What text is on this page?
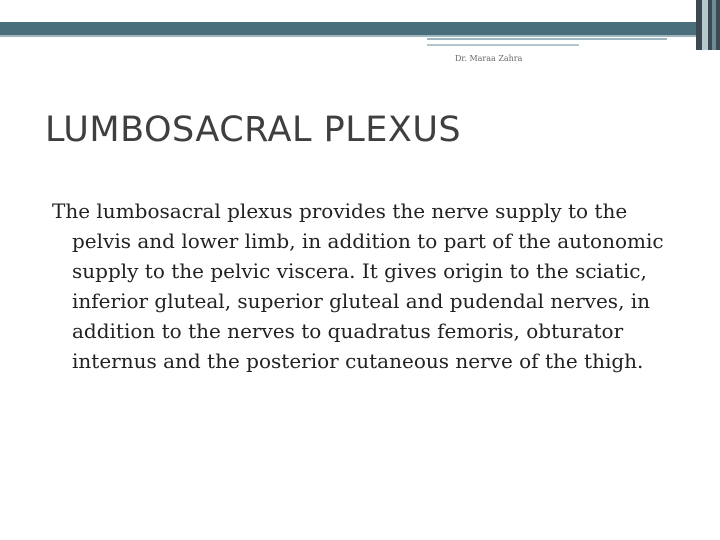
Dr. Maraa Zahra
LUMBOSACRAL PLEXUS

The lumbosacral plexus provides the nerve supply to the pelvis and lower limb, in addition to part of the autonomic supply to the pelvic viscera. It gives origin to the sciatic, inferior gluteal, superior gluteal and pudendal nerves, in addition to the nerves to quadratus femoris, obturator internus and the posterior cutaneous nerve of the thigh.
